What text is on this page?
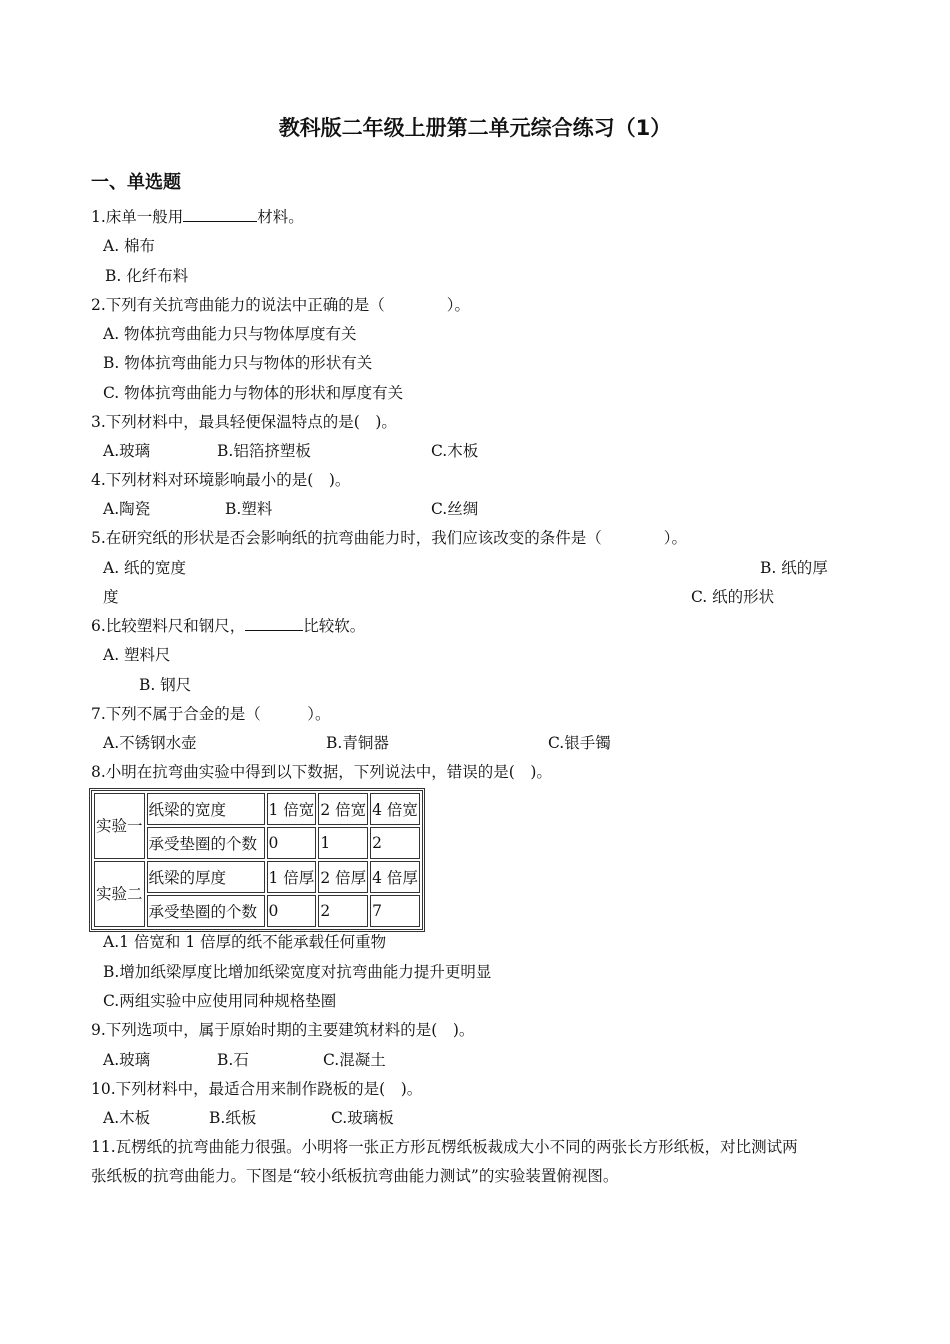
教科版二年级上册第二单元综合练习（1）
一、单选题
1.床单一般用	材料。
A. 棉布
B. 化纤布料
2.下列有关抗弯曲能力的说法中正确的是（　　　　）。
A. 物体抗弯曲能力只与物体厚度有关
B. 物体抗弯曲能力只与物体的形状有关
C. 物体抗弯曲能力与物体的形状和厚度有关
3.下列材料中，最具轻便保温特点的是(　)。
A.玻璃	B.铝箔挤塑板	C.木板
4.下列材料对环境影响最小的是(　)。
A.陶瓷	B.塑料	C.丝绸
5.在研究纸的形状是否会影响纸的抗弯曲能力时，我们应该改变的条件是（　　　　）。
A. 纸的宽度	B. 纸的厚
度	C. 纸的形状
6.比较塑料尺和钢尺，	比较软。
A. 塑料尺
B. 钢尺
7.下列不属于合金的是（　　　）。
A.不锈钢水壶	B.青铜器	C.银手镯
8.小明在抗弯曲实验中得到以下数据，下列说法中，错误的是(　)。
实验一	纸梁的宽度	1 倍宽	2 倍宽	4 倍宽
	承受垫圈的个数	0	1	2
实验二	纸梁的厚度	1 倍厚	2 倍厚	4 倍厚
	承受垫圈的个数	0	2	7
A.1 倍宽和 1 倍厚的纸不能承载任何重物
B.增加纸梁厚度比增加纸梁宽度对抗弯曲能力提升更明显
C.两组实验中应使用同种规格垫圈
9.下列选项中，属于原始时期的主要建筑材料的是(　)。
A.玻璃	B.石	C.混凝土
10.下列材料中，最适合用来制作跷板的是(　)。
A.木板	B.纸板	C.玻璃板
11.瓦楞纸的抗弯曲能力很强。小明将一张正方形瓦楞纸板裁成大小不同的两张长方形纸板，对比测试两
张纸板的抗弯曲能力。下图是“较小纸板抗弯曲能力测试”的实验装置俯视图。
